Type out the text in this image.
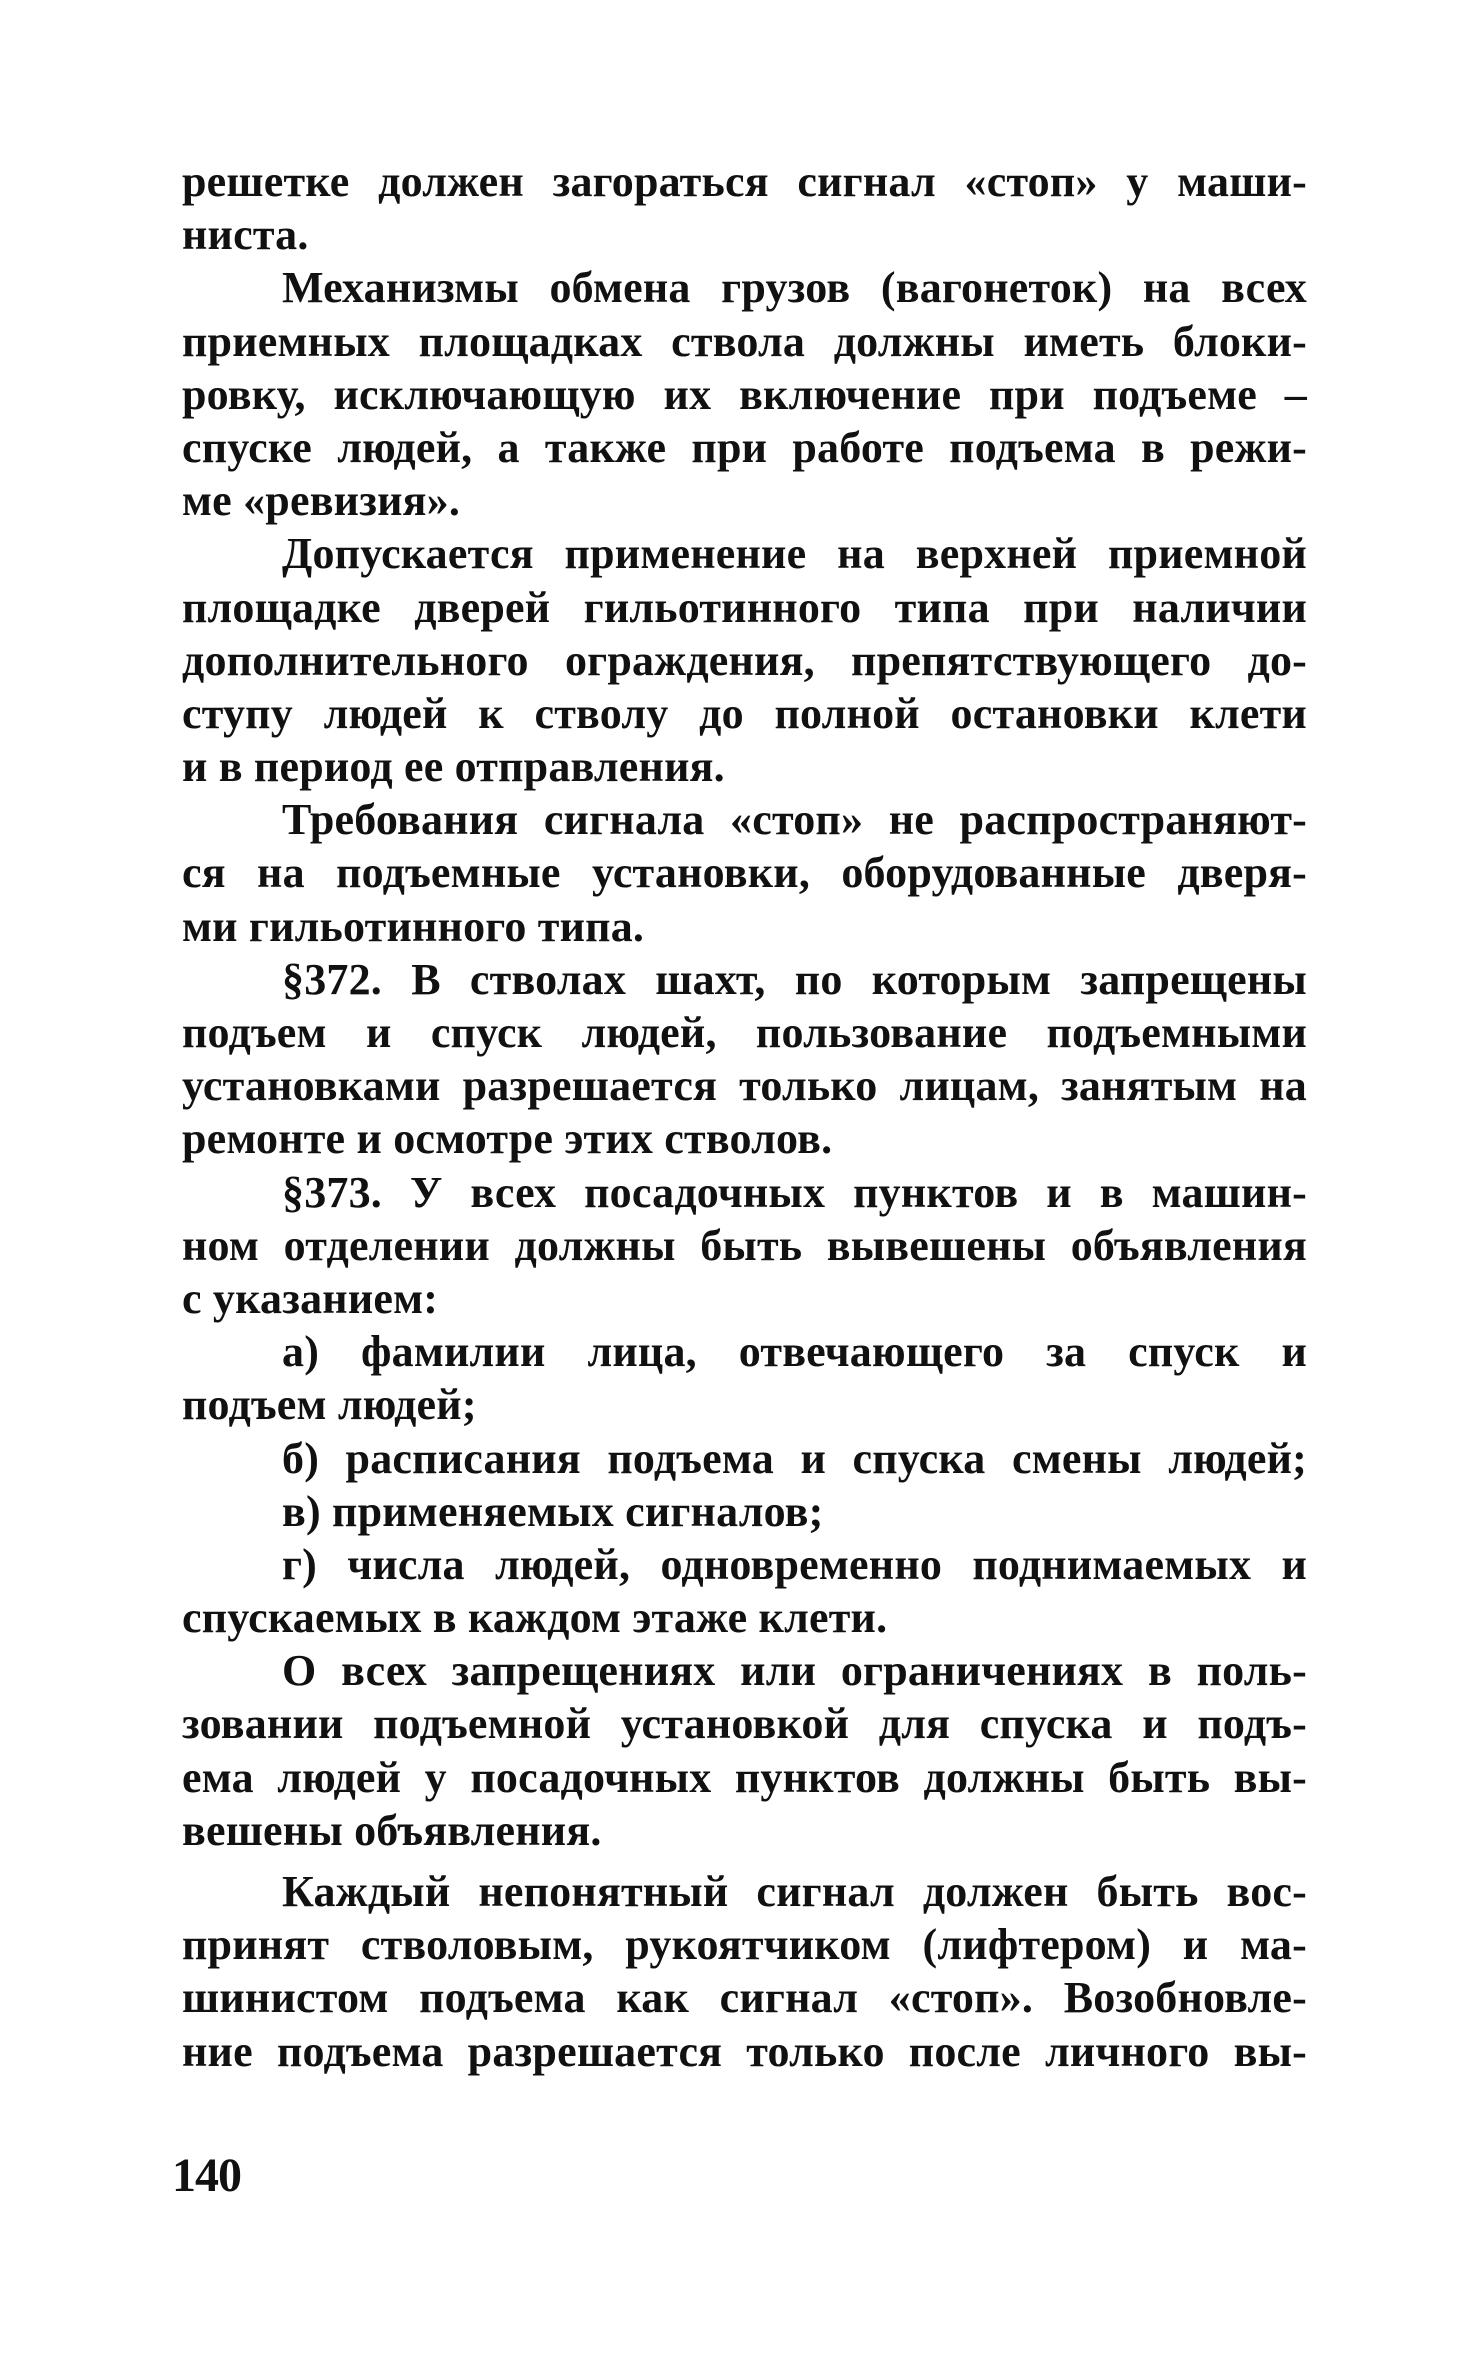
решетке должен загораться сигнал «стоп» у маши-
ниста.
Механизмы обмена грузов (вагонеток) на всех
приемных площадках ствола должны иметь блоки-
ровку, исключающую их включение при подъеме –
спуске людей, а также при работе подъема в режи-
ме «ревизия».
Допускается применение на верхней приемной
площадке дверей гильотинного типа при наличии
дополнительного ограждения, препятствующего до-
ступу людей к стволу до полной остановки клети
и в период ее отправления.
Требования сигнала «стоп» не распространяют-
ся на подъемные установки, оборудованные дверя-
ми гильотинного типа.
§372. В стволах шахт, по которым запрещены
подъем и спуск людей, пользование подъемными
установками разрешается только лицам, занятым на
ремонте и осмотре этих стволов.
§373. У всех посадочных пунктов и в машин-
ном отделении должны быть вывешены объявления
с указанием:
а) фамилии лица, отвечающего за спуск и
подъем людей;
б) расписания подъема и спуска смены людей;
в) применяемых сигналов;
г) числа людей, одновременно поднимаемых и
спускаемых в каждом этаже клети.
О всех запрещениях или ограничениях в поль-
зовании подъемной установкой для спуска и подъ-
ема людей у посадочных пунктов должны быть вы-
вешены объявления.
Каждый непонятный сигнал должен быть вос-
принят стволовым, рукоятчиком (лифтером) и ма-
шинистом подъема как сигнал «стоп». Возобновле-
ние подъема разрешается только после личного вы-
140
